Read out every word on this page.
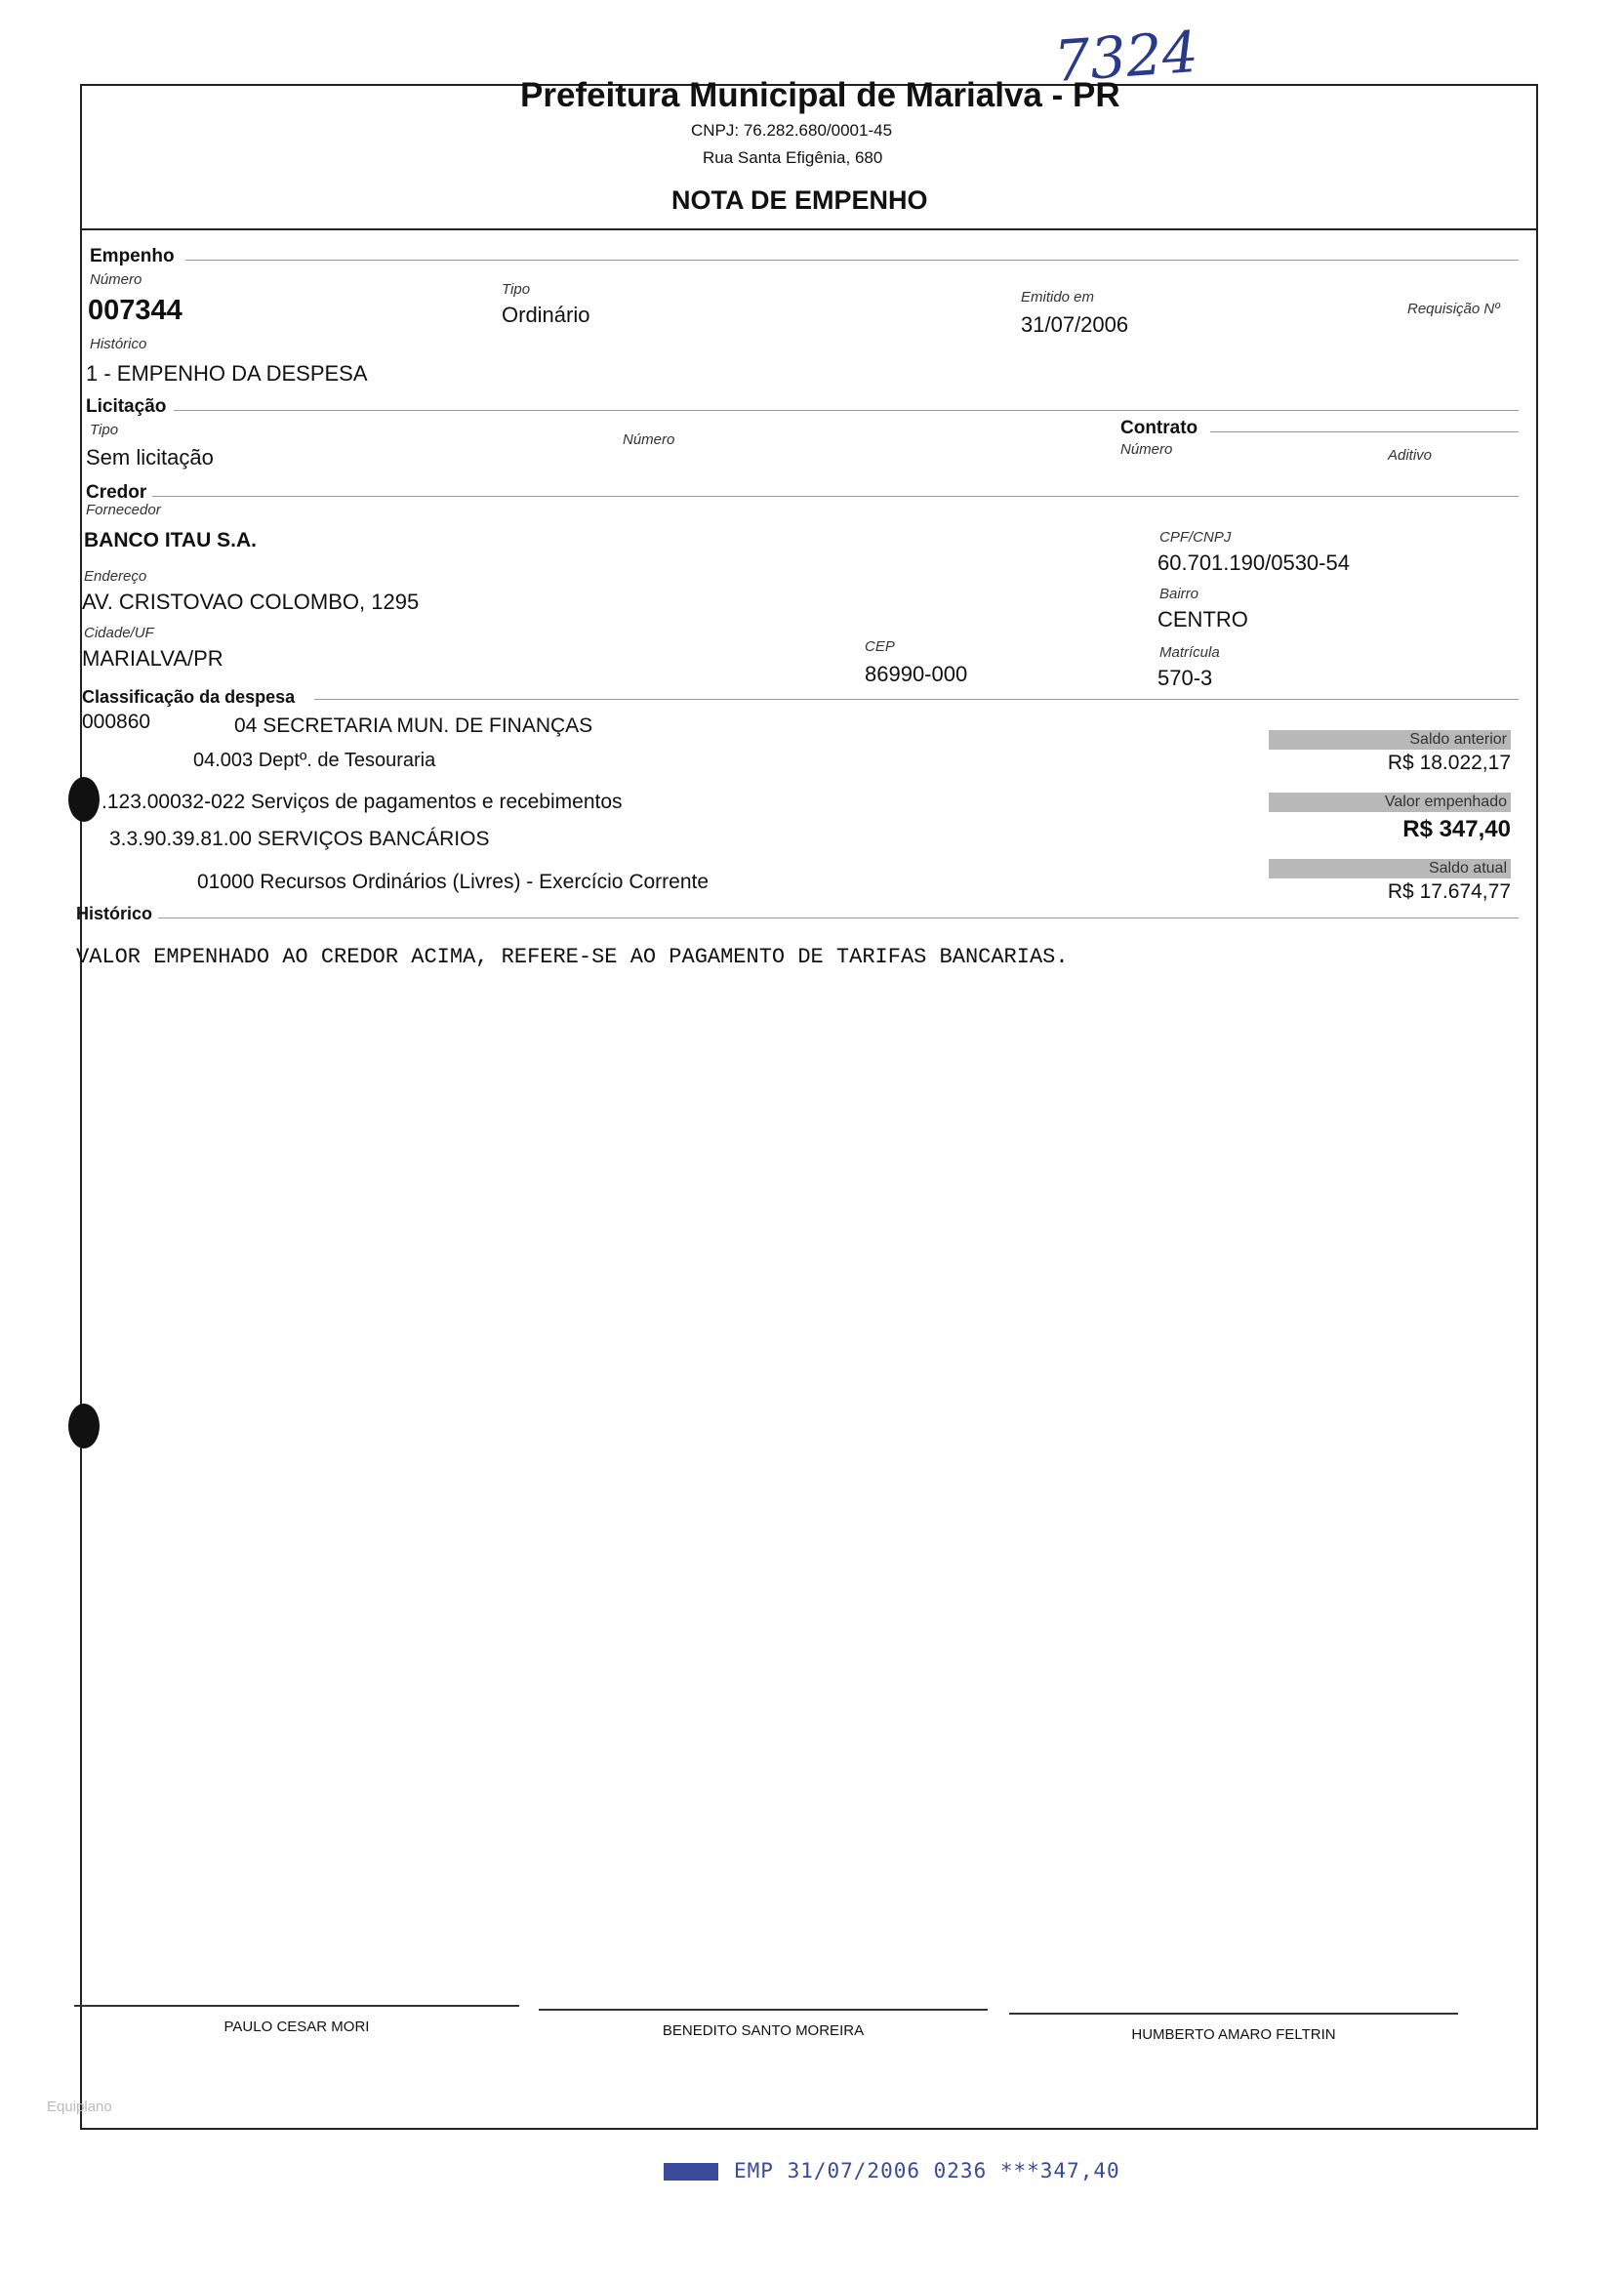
7324
Prefeitura Municipal de Marialva - PR
CNPJ: 76.282.680/0001-45
Rua Santa Efigênia, 680
NOTA DE EMPENHO
Empenho
Número
007344
Tipo
Ordinário
Emitido em
31/07/2006
Requisição Nº
Histórico
1 - EMPENHO DA DESPESA
Licitação
Tipo
Sem licitação
Número
Contrato
Número	Aditivo
Credor
Fornecedor
BANCO ITAU S.A.	CPF/CNPJ
60.701.190/0530-54
Endereço
AV. CRISTOVAO COLOMBO, 1295	Bairro
CENTRO
Cidade/UF
MARIALVA/PR	CEP
86990-000
Matrícula
570-3
Classificação da despesa
000860	04 SECRETARIA MUN. DE FINANÇAS
04.003 Deptº. de Tesouraria
.123.00032-022 Serviços de pagamentos e recebimentos
3.3.90.39.81.00 SERVIÇOS BANCÁRIOS
01000 Recursos Ordinários (Livres) - Exercício Corrente
Saldo anterior
R$ 18.022,17
Valor empenhado
R$ 347,40
Saldo atual
R$ 17.674,77
Histórico
VALOR EMPENHADO AO CREDOR ACIMA, REFERE-SE AO PAGAMENTO DE TARIFAS BANCARIAS.
PAULO CESAR MORI	BENEDITO SANTO MOREIRA	HUMBERTO AMARO FELTRIN
Equiplano
EMP 31/07/2006 0236 ***347,40
